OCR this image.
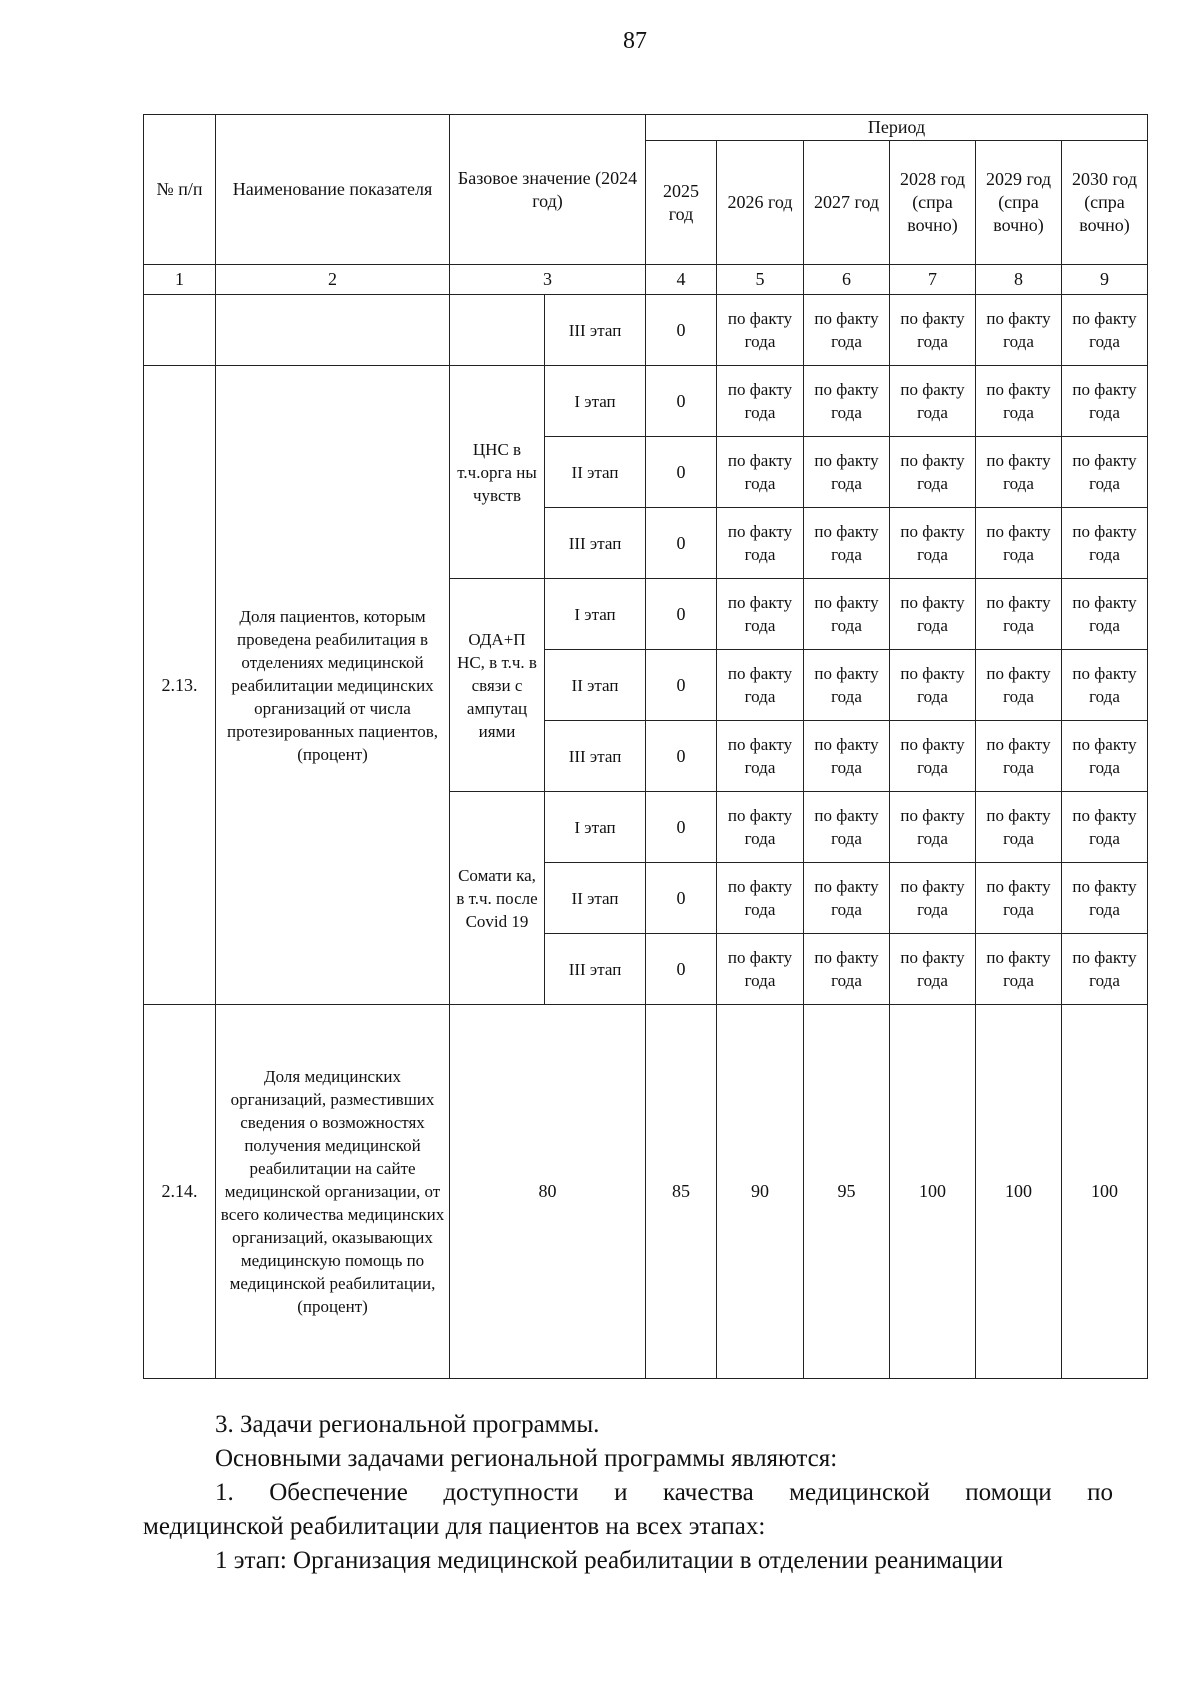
87
№ п/п	Наименование показателя	Базовое значение (2024 год)		Период					
				2025 год	2026 год	2027 год	2028 год (спра вочно)	2029 год (спра вочно)	2030 год (спра вочно)
1	2	3		4	5	6	7	8	9
			III этап	0	по факту года	по факту года	по факту года	по факту года	по факту года
2.13.	Доля пациентов, которым проведена реабилитация в отделениях медицинской реабилитации медицинских организаций от числа протезированных пациентов, (процент)	ЦНС в т.ч.орга ны чувств	I этап	0	по факту года	по факту года	по факту года	по факту года	по факту года
			II этап	0	по факту года	по факту года	по факту года	по факту года	по факту года
			III этап	0	по факту года	по факту года	по факту года	по факту года	по факту года
		ОДА+П НС, в т.ч. в связи с ампутац иями	I этап	0	по факту года	по факту года	по факту года	по факту года	по факту года
			II этап	0	по факту года	по факту года	по факту года	по факту года	по факту года
			III этап	0	по факту года	по факту года	по факту года	по факту года	по факту года
		Сомати ка, в т.ч. после Covid 19	I этап	0	по факту года	по факту года	по факту года	по факту года	по факту года
			II этап	0	по факту года	по факту года	по факту года	по факту года	по факту года
			III этап	0	по факту года	по факту года	по факту года	по факту года	по факту года
2.14.	Доля медицинских организаций, разместивших сведения о возможностях получения медицинской реабилитации на сайте медицинской организации, от всего количества медицинских организаций, оказывающих медицинскую помощь по медицинской реабилитации, (процент)	80		85	90	95	100	100	100

3. Задачи региональной программы.

Основными задачами региональной программы являются:

1. Обеспечение доступности и качества медицинской помощи по

медицинской реабилитации для пациентов на всех этапах:

1 этап: Организация медицинской реабилитации в отделении реанимации
